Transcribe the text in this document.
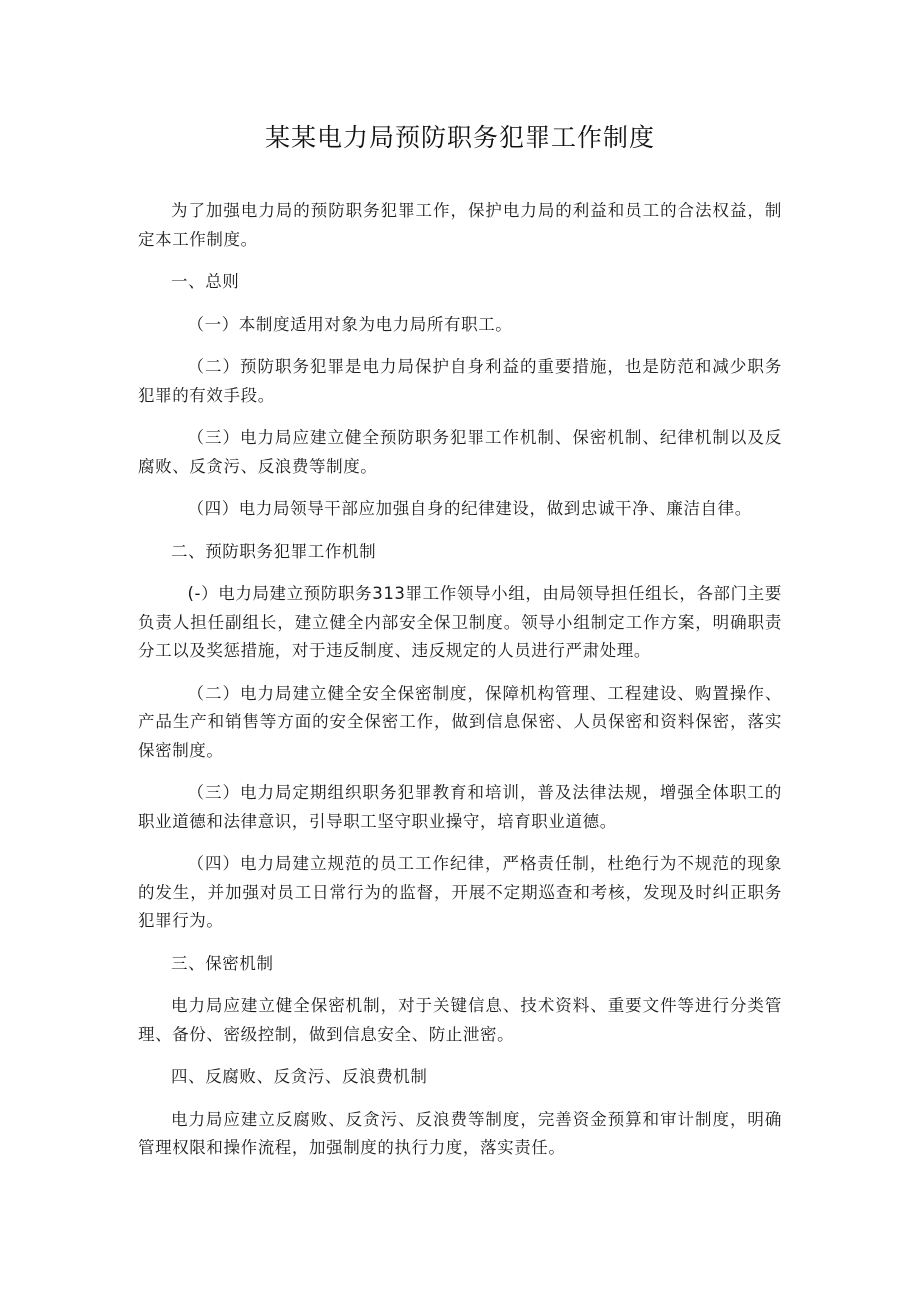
某某电力局预防职务犯罪工作制度

为了加强电力局的预防职务犯罪工作，保护电力局的利益和员工的合法权益，制定本工作制度。

一、总则

（一）本制度适用对象为电力局所有职工。

（二）预防职务犯罪是电力局保护自身利益的重要措施，也是防范和减少职务犯罪的有效手段。

（三）电力局应建立健全预防职务犯罪工作机制、保密机制、纪律机制以及反腐败、反贪污、反浪费等制度。

（四）电力局领导干部应加强自身的纪律建设，做到忠诚干净、廉洁自律。

二、预防职务犯罪工作机制

(-）电力局建立预防职务313罪工作领导小组，由局领导担任组长，各部门主要负责人担任副组长，建立健全内部安全保卫制度。领导小组制定工作方案，明确职责分工以及奖惩措施，对于违反制度、违反规定的人员进行严肃处理。

（二）电力局建立健全安全保密制度，保障机构管理、工程建设、购置操作、产品生产和销售等方面的安全保密工作，做到信息保密、人员保密和资料保密，落实保密制度。

（三）电力局定期组织职务犯罪教育和培训，普及法律法规，增强全体职工的职业道德和法律意识，引导职工坚守职业操守，培育职业道德。

（四）电力局建立规范的员工工作纪律，严格责任制，杜绝行为不规范的现象的发生，并加强对员工日常行为的监督，开展不定期巡查和考核，发现及时纠正职务犯罪行为。

三、保密机制

电力局应建立健全保密机制，对于关键信息、技术资料、重要文件等进行分类管理、备份、密级控制，做到信息安全、防止泄密。

四、反腐败、反贪污、反浪费机制

电力局应建立反腐败、反贪污、反浪费等制度，完善资金预算和审计制度，明确管理权限和操作流程，加强制度的执行力度，落实责任。
